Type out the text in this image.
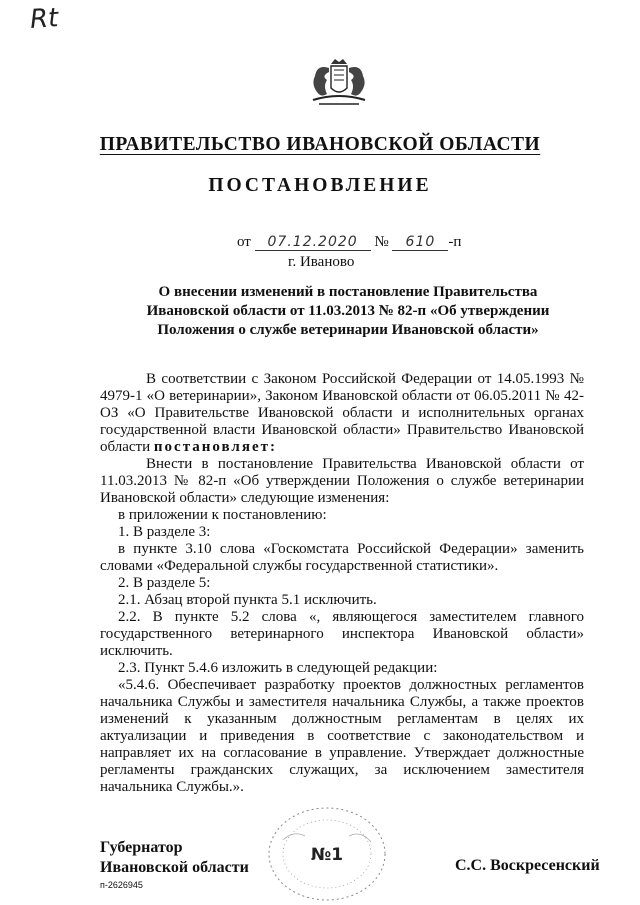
Rt
ПРАВИТЕЛЬСТВО ИВАНОВСКОЙ ОБЛАСТИ
ПОСТАНОВЛЕНИЕ
от 07.12.2020 № 610 -п
г. Иваново
О внесении изменений в постановление Правительства
Ивановской области от 11.03.2013 № 82-п «Об утверждении
Положения о службе ветеринарии Ивановской области»

В соответствии с Законом Российской Федерации от 14.05.1993 № 4979-1 «О ветеринарии», Законом Ивановской области от 06.05.2011 № 42-ОЗ «О Правительстве Ивановской области и исполнительных органах государственной власти Ивановской области» Правительство Ивановской области постановляет:

Внести в постановление Правительства Ивановской области от 11.03.2013 № 82-п «Об утверждении Положения о службе ветеринарии Ивановской области» следующие изменения:

в приложении к постановлению:

1. В разделе 3:

в пункте 3.10 слова «Госкомстата Российской Федерации» заменить словами «Федеральной службы государственной статистики».

2. В разделе 5:

2.1. Абзац второй пункта 5.1 исключить.

2.2. В пункте 5.2 слова «, являющегося заместителем главного государственного ветеринарного инспектора Ивановской области» исключить.

2.3. Пункт 5.4.6 изложить в следующей редакции:

«5.4.6. Обеспечивает разработку проектов должностных регламентов начальника Службы и заместителя начальника Службы, а также проектов изменений к указанным должностным регламентам в целях их актуализации и приведения в соответствие с законодательством и направляет их на согласование в управление. Утверждает должностные регламенты гражданских служащих, за исключением заместителя начальника Службы.».

№1
Губернатор
Ивановской области	С.С. Воскресенский
п-2626945
